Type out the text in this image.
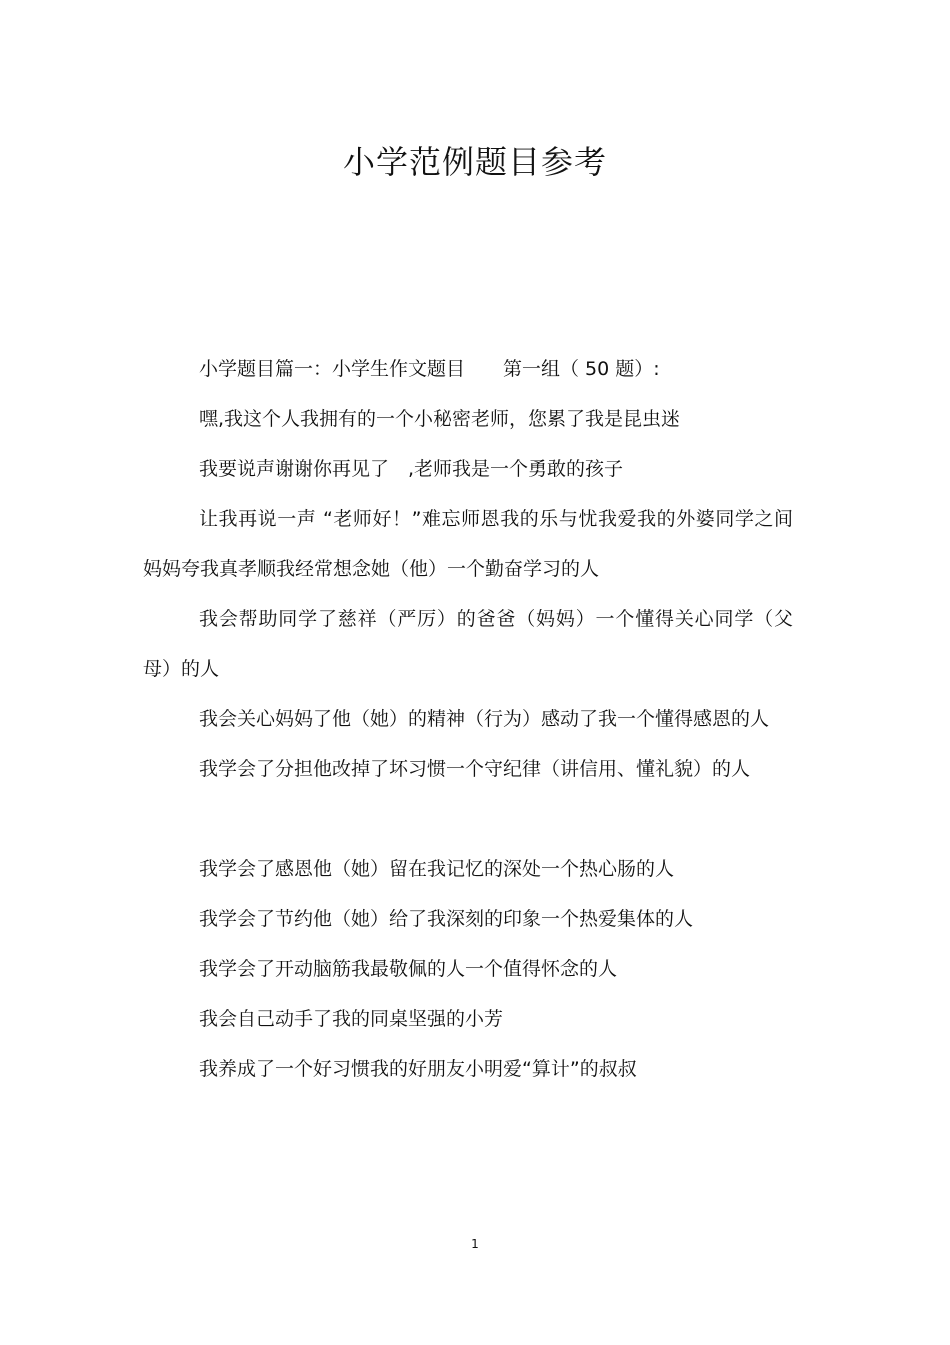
小学范例题目参考

小学题目篇一：小学生作文题目　　第一组（ 50 题）:

嘿,我这个人我拥有的一个小秘密老师，您累了我是昆虫迷

我要说声谢谢你再见了　,老师我是一个勇敢的孩子

让我再说一声 “老师好！”难忘师恩我的乐与忧我爱我的外婆同学之间妈妈夸我真孝顺我经常想念她（他）一个勤奋学习的人

我会帮助同学了慈祥（严厉）的爸爸（妈妈）一个懂得关心同学（父母）的人

我会关心妈妈了他（她）的精神（行为）感动了我一个懂得感恩的人

我学会了分担他改掉了坏习惯一个守纪律（讲信用、懂礼貌）的人

我学会了感恩他（她）留在我记忆的深处一个热心肠的人

我学会了节约他（她）给了我深刻的印象一个热爱集体的人

我学会了开动脑筋我最敬佩的人一个值得怀念的人

我会自己动手了我的同桌坚强的小芳

我养成了一个好习惯我的好朋友小明爱“算计”的叔叔

1
